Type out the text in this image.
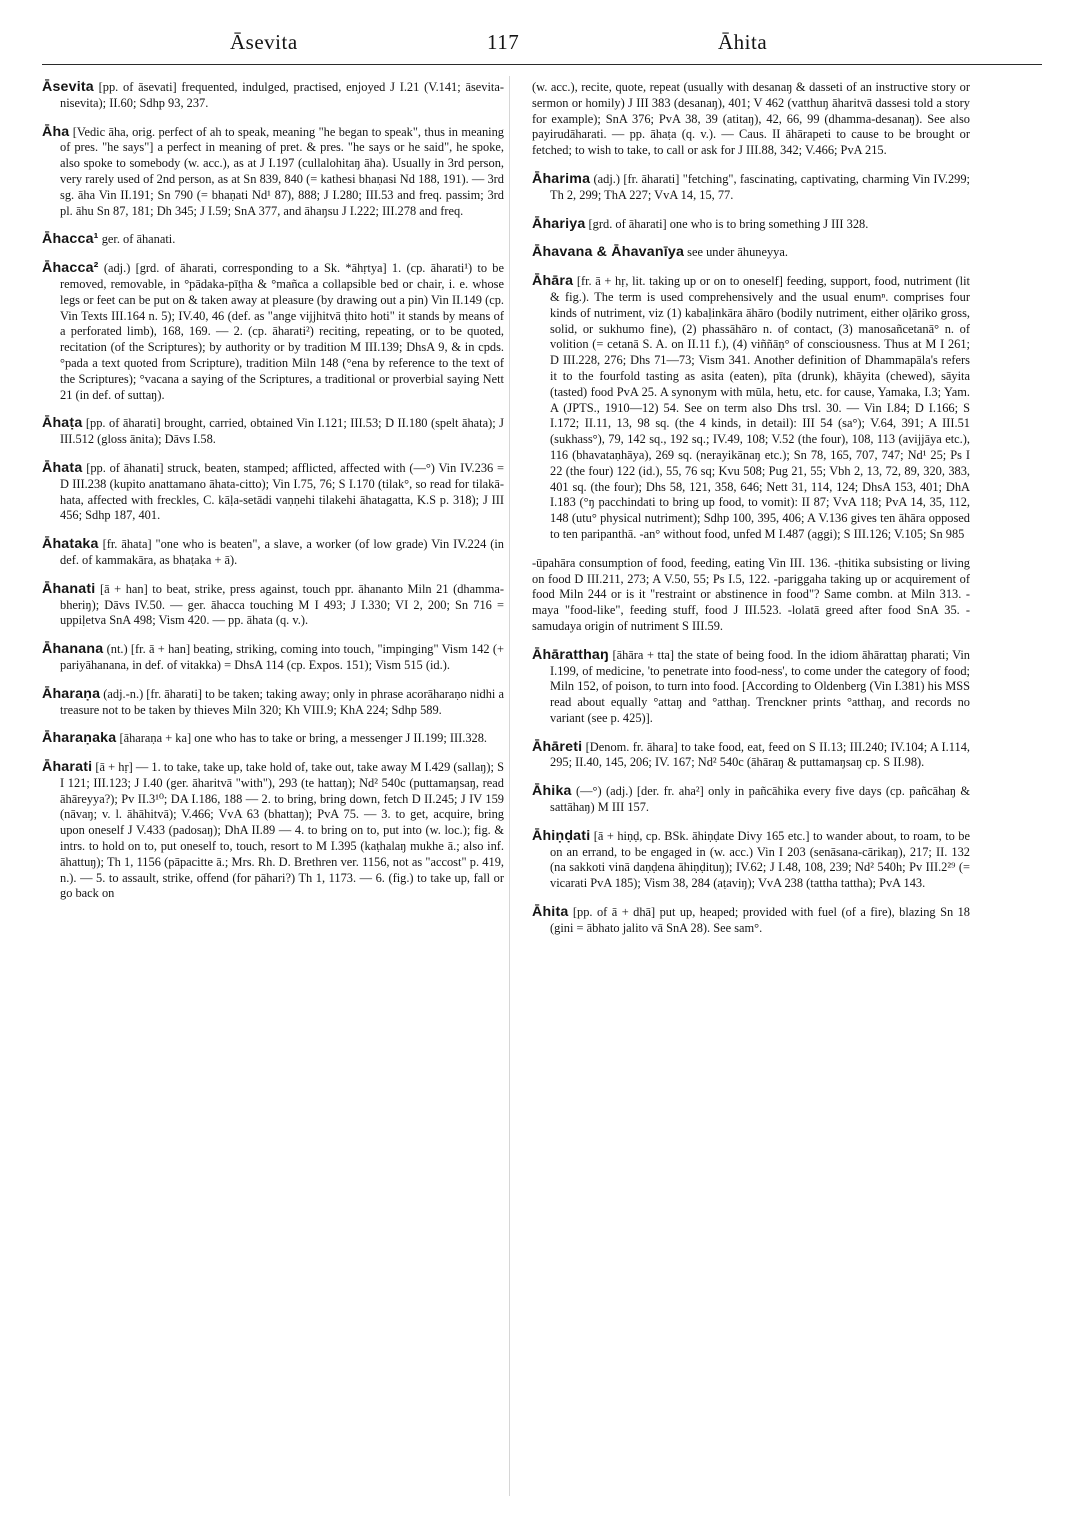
Āsevita	117	Āhita

Āsevita [pp. of āsevati] frequented, indulged, practised, enjoyed J I.21 (V.141; āsevita-nisevita); II.60; Sdhp 93, 237.

Āha [Vedic āha, orig. perfect of ah to speak, meaning "he began to speak", thus in meaning of pres. "he says"] a perfect in meaning of pret. & pres. "he says or he said", he spoke, also spoke to somebody (w. acc.), as at J I.197 (cullalohitaŋ āha). Usually in 3rd person, very rarely used of 2nd person, as at Sn 839, 840 (= kathesi bhaṇasi Nd 188, 191). — 3rd sg. āha Vin II.191; Sn 790 (= bhaṇati Nd¹ 87), 888; J I.280; III.53 and freq. passim; 3rd pl. āhu Sn 87, 181; Dh 345; J I.59; SnA 377, and āhaŋsu J I.222; III.278 and freq.

Āhacca¹ ger. of āhanati.

Āhacca² (adj.) [grd. of āharati, corresponding to a Sk. *āhṛtya] 1. (cp. āharati¹) to be removed, removable, in °pādaka-pīṭha & °mañca a collapsible bed or chair, i. e. whose legs or feet can be put on & taken away at pleasure (by drawing out a pin) Vin II.149 (cp. Vin Texts III.164 n. 5); IV.40, 46 (def. as "ange vijjhitvā ṭhito hoti" it stands by means of a perforated limb), 168, 169. — 2. (cp. āharati²) reciting, repeating, or to be quoted, recitation (of the Scriptures); by authority or by tradition M III.139; DhsA 9, & in cpds. °pada a text quoted from Scripture), tradition Miln 148 (°ena by reference to the text of the Scriptures); °vacana a saying of the Scriptures, a traditional or proverbial saying Nett 21 (in def. of suttaŋ).

Āhaṭa [pp. of āharati] brought, carried, obtained Vin I.121; III.53; D II.180 (spelt āhata); J III.512 (gloss ānita); Dāvs I.58.

Āhata [pp. of āhanati] struck, beaten, stamped; afflicted, affected with (—°) Vin IV.236 = D III.238 (kupito anattamano āhata-citto); Vin I.75, 76; S I.170 (tilak°, so read for tilakā-hata, affected with freckles, C. kāḷa-setādi vaṇṇehi tilakehi āhatagatta, K.S p. 318); J III 456; Sdhp 187, 401.

Āhataka [fr. āhata] "one who is beaten", a slave, a worker (of low grade) Vin IV.224 (in def. of kammakāra, as bhaṭaka + ā).

Āhanati [ā + han] to beat, strike, press against, touch ppr. āhananto Miln 21 (dhamma-bheriŋ); Dāvs IV.50. — ger. āhacca touching M I 493; J I.330; VI 2, 200; Sn 716 = uppiḷetva SnA 498; Vism 420. — pp. āhata (q. v.).

Āhanana (nt.) [fr. ā + han] beating, striking, coming into touch, "impinging" Vism 142 (+ pariyāhanana, in def. of vitakka) = DhsA 114 (cp. Expos. 151); Vism 515 (id.).

Āharaṇa (adj.-n.) [fr. āharati] to be taken; taking away; only in phrase acorāharaṇo nidhi a treasure not to be taken by thieves Miln 320; Kh VIII.9; KhA 224; Sdhp 589.

Āharaṇaka [āharaṇa + ka] one who has to take or bring, a messenger J II.199; III.328.

Āharati [ā + hṛ] — 1. to take, take up, take hold of, take out, take away M I.429 (sallaŋ); S I 121; III.123; J I.40 (ger. āharitvā "with"), 293 (te hattaŋ); Nd² 540c (puttamaŋsaŋ, read āhāreyya?); Pv II.3¹⁰; DA I.186, 188 — 2. to bring, bring down, fetch D II.245; J IV 159 (nāvaŋ; v. l. āhāhitvā); V.466; VvA 63 (bhattaŋ); PvA 75. — 3. to get, acquire, bring upon oneself J V.433 (padosaŋ); DhA II.89 — 4. to bring on to, put into (w. loc.); fig. & intrs. to hold on to, put oneself to, touch, resort to M I.395 (kaṭhalaŋ mukhe ā.; also inf. āhattuŋ); Th 1, 1156 (pāpacitte ā.; Mrs. Rh. D. Brethren ver. 1156, not as "accost" p. 419, n.). — 5. to assault, strike, offend (for pāhari?) Th 1, 1173. — 6. (fig.) to take up, fall or go back on

(w. acc.), recite, quote, repeat (usually with desanaŋ & dasseti of an instructive story or sermon or homily) J III 383 (desanaŋ), 401; V 462 (vatthuŋ āharitvā dassesi told a story for example); SnA 376; PvA 38, 39 (atitaŋ), 42, 66, 99 (dhamma-desanaŋ). See also payirudāharati. — pp. āhaṭa (q. v.). — Caus. II āhārapeti to cause to be brought or fetched; to wish to take, to call or ask for J III.88, 342; V.466; PvA 215.

Āharima (adj.) [fr. āharati] "fetching", fascinating, captivating, charming Vin IV.299; Th 2, 299; ThA 227; VvA 14, 15, 77.

Āhariya [grd. of āharati] one who is to bring something J III 328.

Āhavana & Āhavanīya see under āhuneyya.

Āhāra [fr. ā + hṛ, lit. taking up or on to oneself] feeding, support, food, nutriment (lit & fig.). The term is used comprehensively and the usual enumⁿ. comprises four kinds of nutriment, viz (1) kabaḷinkāra āhāro (bodily nutriment, either oḷāriko gross, solid, or sukhumo fine), (2) phassāhāro n. of contact, (3) manosañcetanā° n. of volition (= cetanā S. A. on II.11 f.), (4) viññāṇ° of consciousness. Thus at M I 261; D III.228, 276; Dhs 71—73; Vism 341. Another definition of Dhammapāla's refers it to the fourfold tasting as asita (eaten), pīta (drunk), khāyita (chewed), sāyita (tasted) food PvA 25. A synonym with mūla, hetu, etc. for cause, Yamaka, I.3; Yam. A (JPTS., 1910—12) 54. See on term also Dhs trsl. 30. — Vin I.84; D I.166; S I.172; II.11, 13, 98 sq. (the 4 kinds, in detail): III 54 (sa°); V.64, 391; A III.51 (sukhass°), 79, 142 sq., 192 sq.; IV.49, 108; V.52 (the four), 108, 113 (avijjāya etc.), 116 (bhavataṇhāya), 269 sq. (nerayikānaŋ etc.); Sn 78, 165, 707, 747; Nd¹ 25; Ps I 22 (the four) 122 (id.), 55, 76 sq; Kvu 508; Pug 21, 55; Vbh 2, 13, 72, 89, 320, 383, 401 sq. (the four); Dhs 58, 121, 358, 646; Nett 31, 114, 124; DhsA 153, 401; DhA I.183 (°ŋ pacchindati to bring up food, to vomit): II 87; VvA 118; PvA 14, 35, 112, 148 (utu° physical nutriment); Sdhp 100, 395, 406; A V.136 gives ten āhāra opposed to ten paripanthā. -an° without food, unfed M I.487 (aggi); S III.126; V.105; Sn 985

-ūpahāra consumption of food, feeding, eating Vin III. 136. -ṭhitika subsisting or living on food D III.211, 273; A V.50, 55; Ps I.5, 122. -pariggaha taking up or acquirement of food Miln 244 or is it "restraint or abstinence in food"? Same combn. at Miln 313. -maya "food-like", feeding stuff, food J III.523. -lolatā greed after food SnA 35. -samudaya origin of nutriment S III.59.

Āhāratthaŋ [āhāra + tta] the state of being food. In the idiom āhārattaŋ pharati; Vin I.199, of medicine, 'to penetrate into food-ness', to come under the category of food; Miln 152, of poison, to turn into food. [According to Oldenberg (Vin I.381) his MSS read about equally °attaŋ and °atthaŋ. Trenckner prints °atthaŋ, and records no variant (see p. 425)].

Āhāreti [Denom. fr. āhara] to take food, eat, feed on S II.13; III.240; IV.104; A I.114, 295; II.40, 145, 206; IV. 167; Nd² 540c (āhāraŋ & puttamaŋsaŋ cp. S II.98).

Āhika (—°) (adj.) [der. fr. aha²] only in pañcāhika every five days (cp. pañcāhaŋ & sattāhaŋ) M III 157.

Āhiṇḍati [ā + hiṇḍ, cp. BSk. āhiṇḍate Divy 165 etc.] to wander about, to roam, to be on an errand, to be engaged in (w. acc.) Vin I 203 (senāsana-cārikaŋ), 217; II. 132 (na sakkoti vinā daṇḍena āhiṇḍituŋ); IV.62; J I.48, 108, 239; Nd² 540h; Pv III.2²⁹ (= vicarati PvA 185); Vism 38, 284 (aṭaviŋ); VvA 238 (tattha tattha); PvA 143.

Āhita [pp. of ā + dhā] put up, heaped; provided with fuel (of a fire), blazing Sn 18 (gini = ābhato jalito vā SnA 28). See sam°.
